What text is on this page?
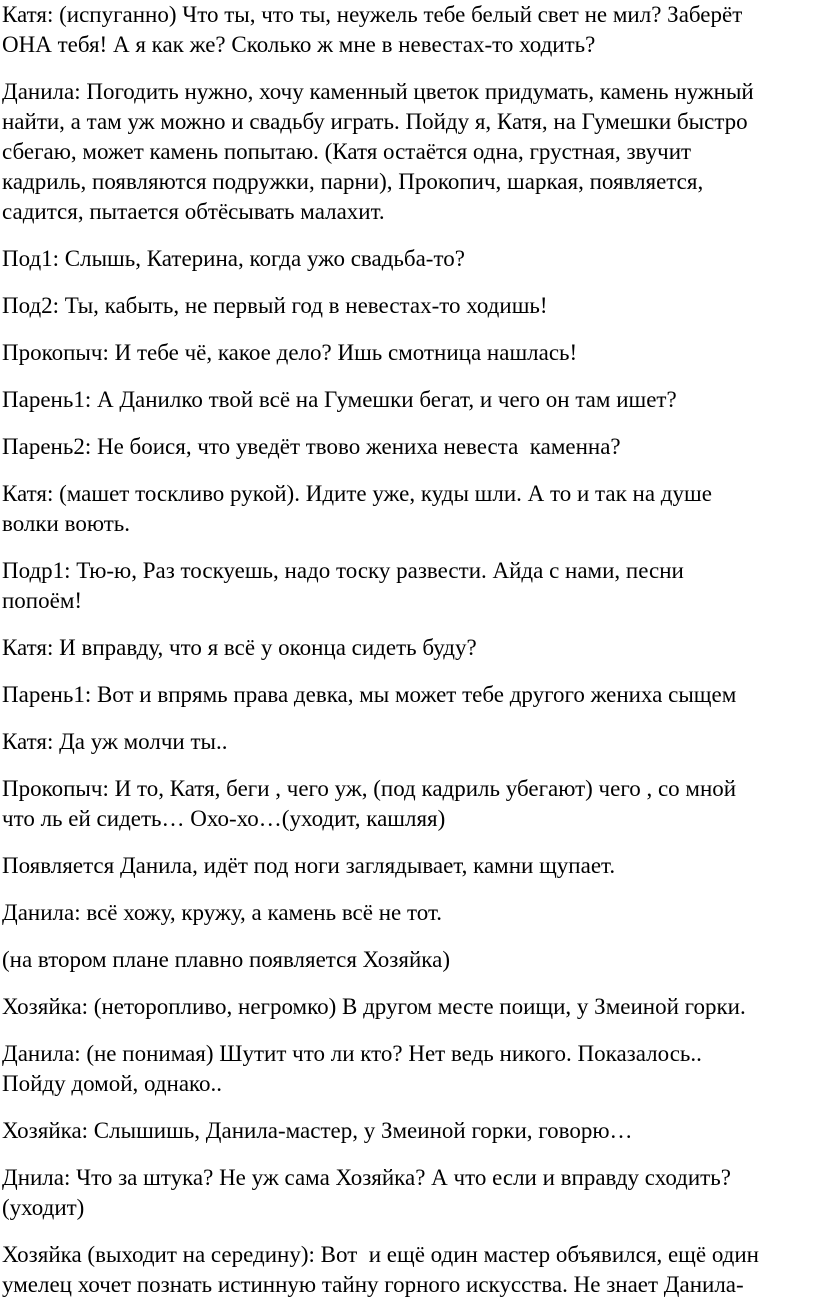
Катя: (испуганно) Что ты, что ты, неужель тебе белый свет не мил? Заберёт
ОНА тебя! А я как же? Сколько ж мне в невестах-то ходить?
Данила: Погодить нужно, хочу каменный цветок придумать, камень нужный
найти, а там уж можно и свадьбу играть. Пойду я, Катя, на Гумешки быстро
сбегаю, может камень попытаю. (Катя остаётся одна, грустная, звучит
кадриль, появляются подружки, парни), Прокопич, шаркая, появляется,
садится, пытается обтёсывать малахит.
Под1: Слышь, Катерина, когда ужо свадьба-то?
Под2: Ты, кабыть, не первый год в невестах-то ходишь!
Прокопыч: И тебе чё, какое дело? Ишь смотница нашлась!
Парень1: А Данилко твой всё на Гумешки бегат, и чего он там ишет?
Парень2: Не боися, что уведёт твово жениха невеста  каменна?
Катя: (машет тоскливо рукой). Идите уже, куды шли. А то и так на душе
волки воють.
Подр1: Тю-ю, Раз тоскуешь, надо тоску развести. Айда с нами, песни
попоём!
Катя: И вправду, что я всё у оконца сидеть буду?
Парень1: Вот и впрямь права девка, мы может тебе другого жениха сыщем
Катя: Да уж молчи ты..
Прокопыч: И то, Катя, беги , чего уж, (под кадриль убегают) чего , со мной
что ль ей сидеть… Охо-хо…(уходит, кашляя)
Появляется Данила, идёт под ноги заглядывает, камни щупает.
Данила: всё хожу, кружу, а камень всё не тот.
(на втором плане плавно появляется Хозяйка)
Хозяйка: (неторопливо, негромко) В другом месте поищи, у Змеиной горки.
Данила: (не понимая) Шутит что ли кто? Нет ведь никого. Показалось..
Пойду домой, однако..
Хозяйка: Слышишь, Данила-мастер, у Змеиной горки, говорю…
Днила: Что за штука? Не уж сама Хозяйка? А что если и вправду сходить?
(уходит)
Хозяйка (выходит на середину): Вот  и ещё один мастер объявился, ещё один
умелец хочет познать истинную тайну горного искусства. Не знает Данила-
